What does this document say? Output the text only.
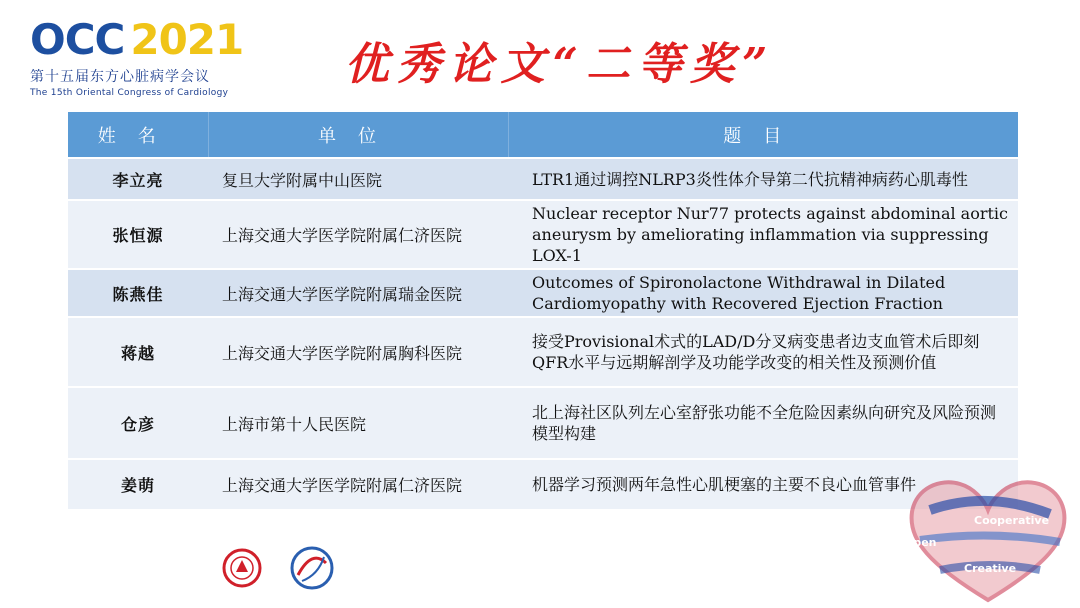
OCC 2021
第十五届东方心脏病学会议
The 15th Oriental Congress of Cardiology
优秀论文“二等奖”
姓名	单位	题目
李立亮	复旦大学附属中山医院	LTR1通过调控NLRP3炎性体介导第二代抗精神病药心肌毒性
张恒源	上海交通大学医学院附属仁济医院	Nuclear receptor Nur77 protects against abdominal aortic aneurysm by ameliorating inflammation via suppressing LOX-1
陈燕佳	上海交通大学医学院附属瑞金医院	Outcomes of Spironolactone Withdrawal in Dilated Cardiomyopathy with Recovered Ejection Fraction
蒋越	上海交通大学医学院附属胸科医院	接受Provisional术式的LAD/D分叉病变患者边支血管术后即刻QFR水平与远期解剖学及功能学改变的相关性及预测价值
仓彦	上海市第十人民医院	北上海社区队列左心室舒张功能不全危险因素纵向研究及风险预测模型构建
姜萌	上海交通大学医学院附属仁济医院	机器学习预测两年急性心肌梗塞的主要不良心血管事件
Cooperative
Open
Creative
